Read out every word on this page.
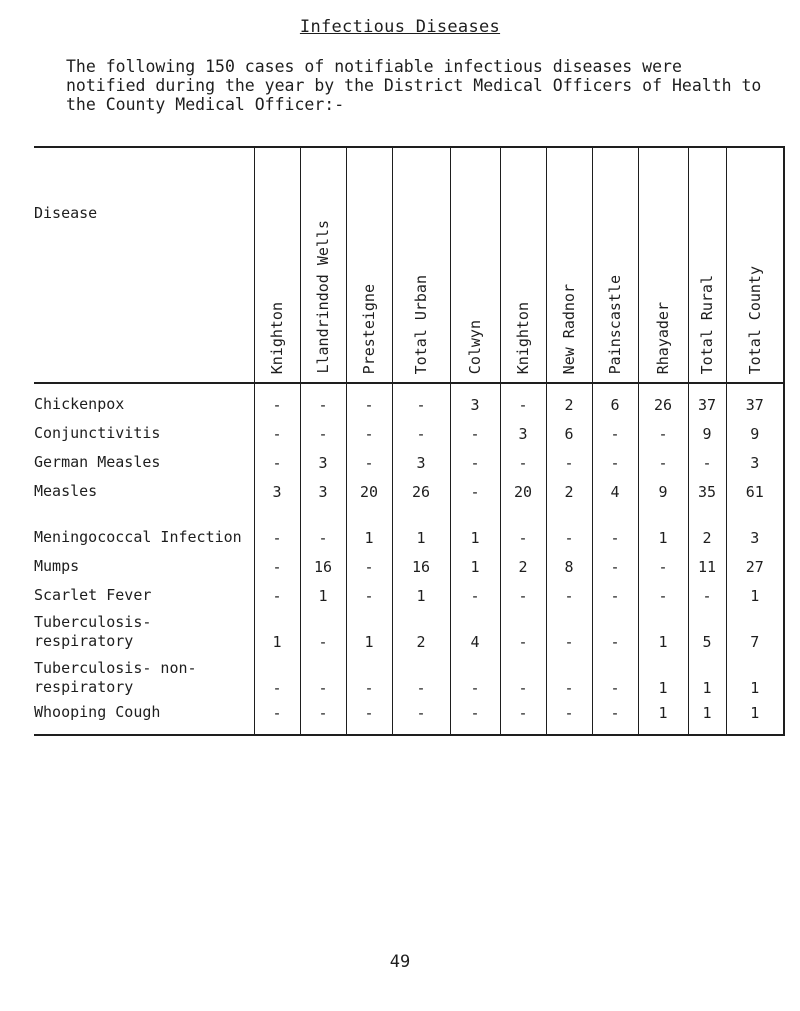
Infectious Diseases

The following 150 cases of notifiable infectious diseases were notified during the year by the District Medical Officers of Health to the County Medical Officer:-

Disease	Knighton	Llandrindod Wells	Presteigne	Total Urban	Colwyn	Knighton	New Radnor	Painscastle	Rhayader	Total Rural	Total County
Chickenpox	-	-	-	-	3	-	2	6	26	37	37
Conjunctivitis	-	-	-	-	-	3	6	-	-	9	9
German Measles	-	3	-	3	-	-	-	-	-	-	3
Measles	3	3	20	26	-	20	2	4	9	35	61
Meningococcal Infection	-	-	1	1	1	-	-	-	1	2	3
Mumps	-	16	-	16	1	2	8	-	-	11	27
Scarlet Fever	-	1	-	1	-	-	-	-	-	-	1
Tuberculosis- respiratory	1	-	1	2	4	-	-	-	1	5	7
Tuberculosis- non-respiratory	-	-	-	-	-	-	-	-	1	1	1
Whooping Cough	-	-	-	-	-	-	-	-	1	1	1
49
